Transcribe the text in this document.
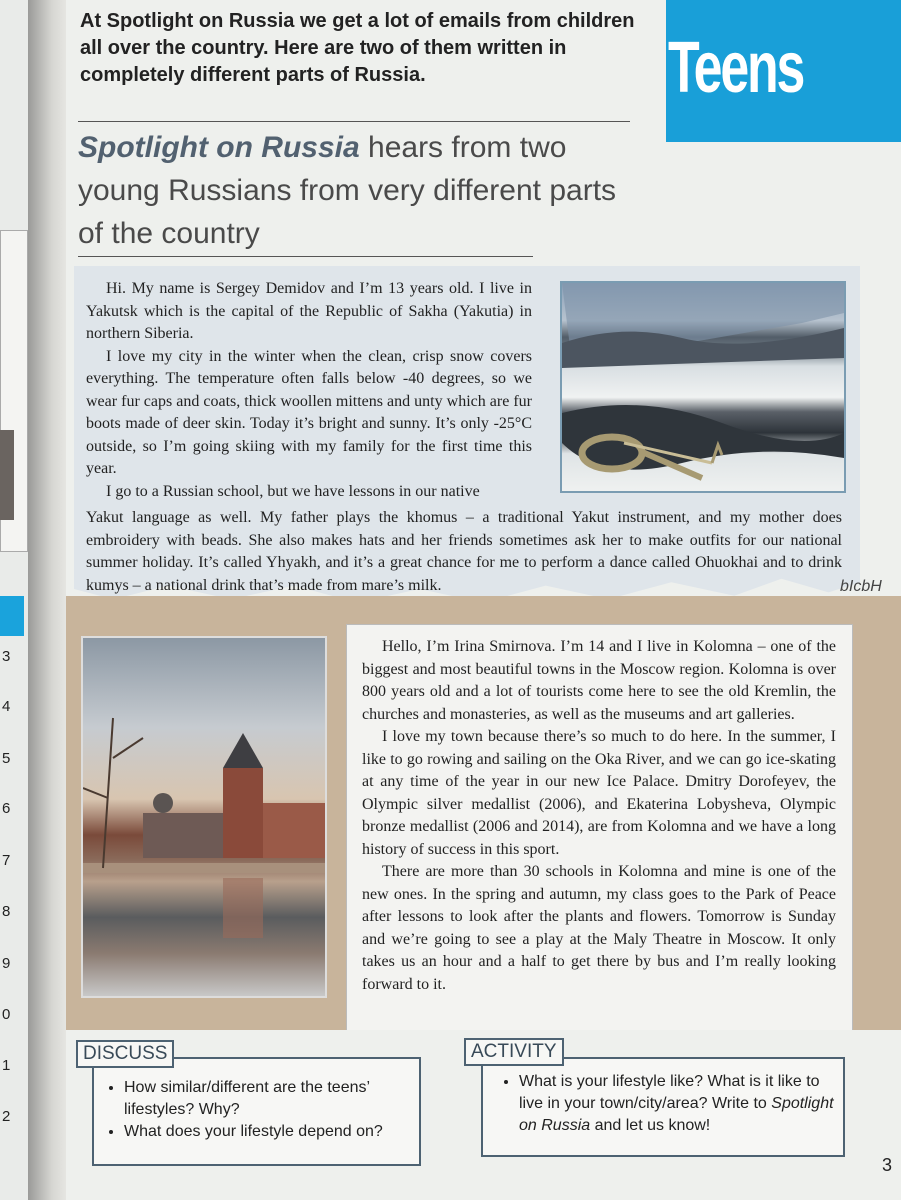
3
4
5
6
7
8
9
0
1
2
Teens
At Spotlight on Russia we get a lot of emails from children all over the country. Here are two of them written in completely different parts of Russia.
Spotlight on Russia hears from two young Russians from very different parts of the country
Hi. My name is Sergey Demidov and I’m 13 years old. I live in Yakutsk which is the capital of the Republic of Sakha (Yakutia) in northern Siberia.
I love my city in the winter when the clean, crisp snow covers everything. The temperature often falls below -40 degrees, so we wear fur caps and coats, thick woollen mittens and unty which are fur boots made of deer skin. Today it’s bright and sunny. It’s only -25°C outside, so I’m going skiing with my family for the first time this year.
I go to a Russian school, but we have lessons in our native
Yakut language as well. My father plays the khomus – a traditional Yakut instrument, and my mother does embroidery with beads. She also makes hats and her friends sometimes ask her to make outfits for our national summer holiday. It’s called Yhyakh, and it’s a great chance for me to perform a dance called Ohuokhai and to drink kumys – a national drink that’s made from mare’s milk.	bIcbH
Hello, I’m Irina Smirnova. I’m 14 and I live in Kolomna – one of the biggest and most beautiful towns in the Moscow region. Kolomna is over 800 years old and a lot of tourists come here to see the old Kremlin, the churches and monasteries, as well as the museums and art galleries.
I love my town because there’s so much to do here. In the summer, I like to go rowing and sailing on the Oka River, and we can go ice-skating at any time of the year in our new Ice Palace. Dmitry Dorofeyev, the Olympic silver medallist (2006), and Ekaterina Lobysheva, Olympic bronze medallist (2006 and 2014), are from Kolomna and we have a long history of success in this sport.
There are more than 30 schools in Kolomna and mine is one of the new ones. In the spring and autumn, my class goes to the Park of Peace after lessons to look after the plants and flowers. Tomorrow is Sunday and we’re going to see a play at the Maly Theatre in Moscow. It only takes us an hour and a half to get there by bus and I’m really looking forward to it.
• How similar/different are the teens’ lifestyles? Why?
• What does your lifestyle depend on?
DISCUSS
• What is your lifestyle like? What is it like to live in your town/city/area? Write to Spotlight on Russia and let us know!
ACTIVITY
3
